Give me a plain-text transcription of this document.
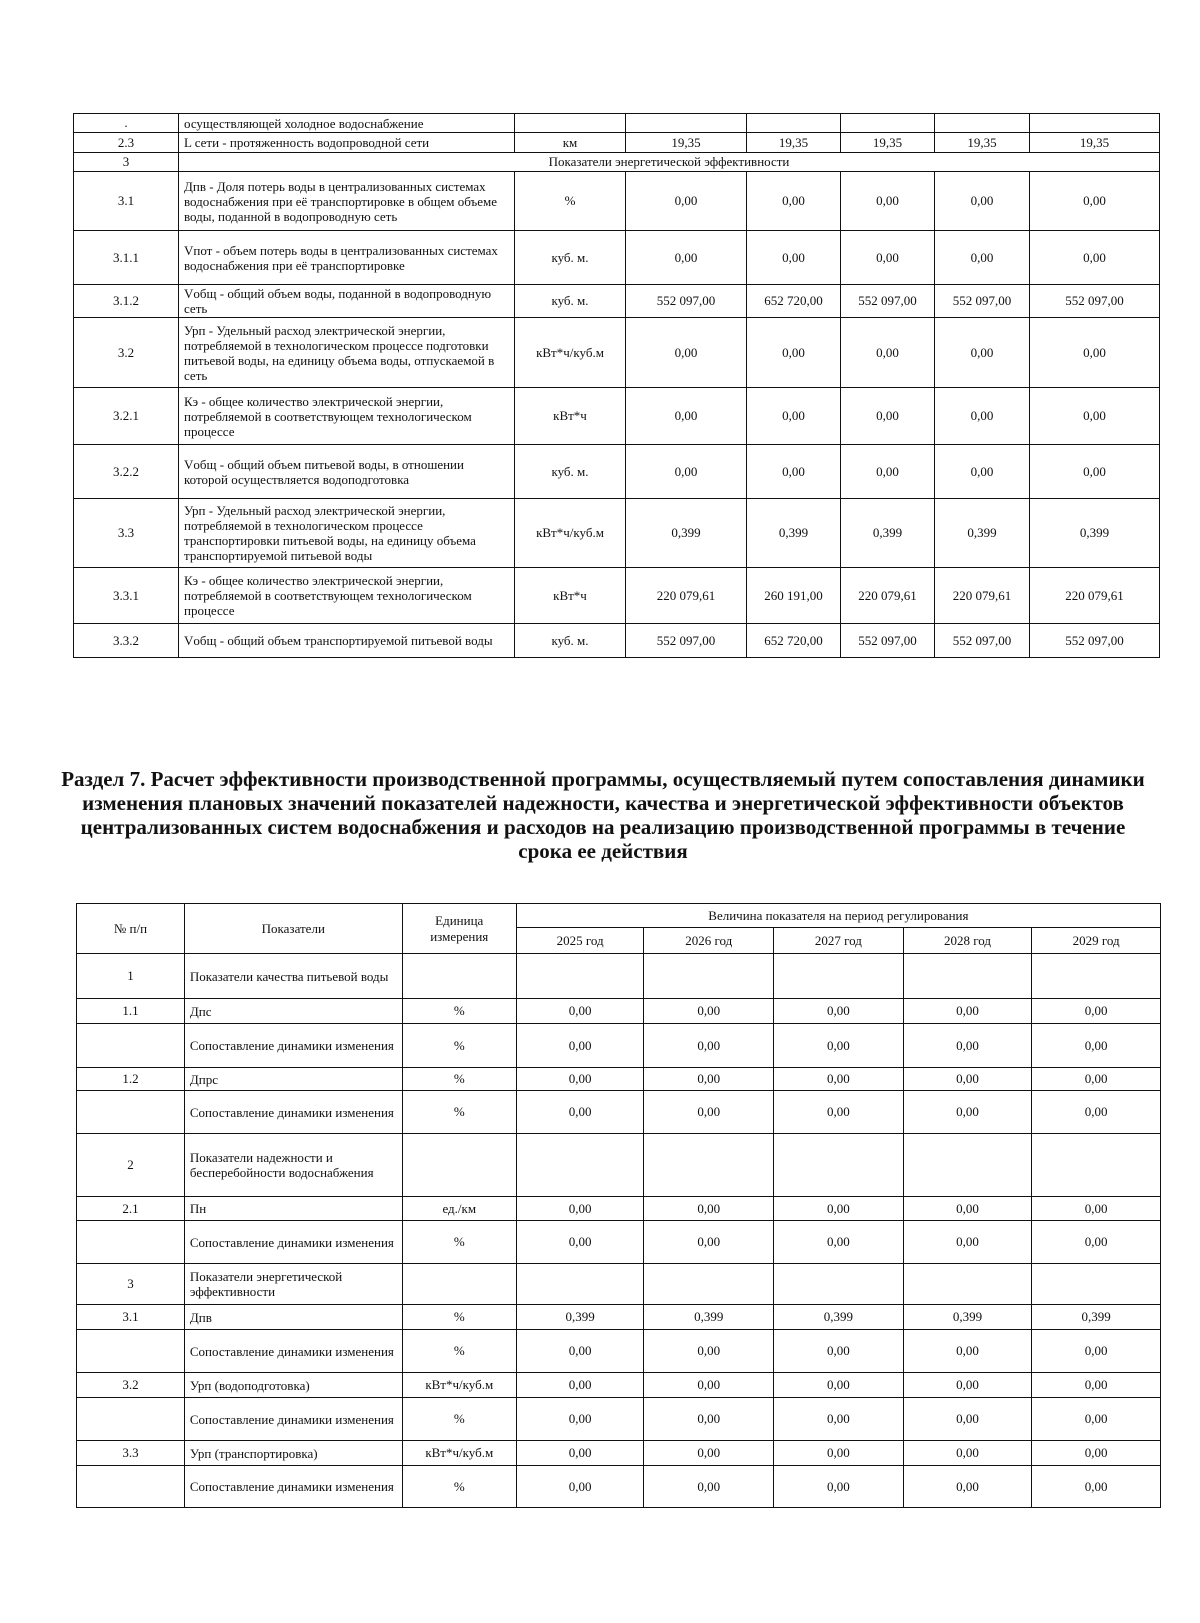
.	осуществляющей холодное водоснабжение						
2.3	L сети - протяженность водопроводной сети	км	19,35	19,35	19,35	19,35	19,35
3	Показатели энергетической эффективности						
3.1	Дпв - Доля потерь воды в централизованных системах водоснабжения при её транспортировке в общем объеме воды, поданной в водопроводную сеть	%	0,00	0,00	0,00	0,00	0,00
3.1.1	Vпот - объем потерь воды в централизованных системах водоснабжения при её транспортировке	куб. м.	0,00	0,00	0,00	0,00	0,00
3.1.2	Vобщ - общий объем воды, поданной в водопроводную сеть	куб. м.	552 097,00	652 720,00	552 097,00	552 097,00	552 097,00
3.2	Урп - Удельный расход электрической энергии, потребляемой в технологическом процессе подготовки питьевой воды, на единицу объема воды, отпускаемой в сеть	кВт*ч/куб.м	0,00	0,00	0,00	0,00	0,00
3.2.1	Кэ - общее количество электрической энергии, потребляемой в соответствующем технологическом процессе	кВт*ч	0,00	0,00	0,00	0,00	0,00
3.2.2	Vобщ - общий объем питьевой воды, в отношении которой осуществляется водоподготовка	куб. м.	0,00	0,00	0,00	0,00	0,00
3.3	Урп - Удельный расход электрической энергии, потребляемой в технологическом процессе транспортировки питьевой воды, на единицу объема транспортируемой питьевой воды	кВт*ч/куб.м	0,399	0,399	0,399	0,399	0,399
3.3.1	Кэ - общее количество электрической энергии, потребляемой в соответствующем технологическом процессе	кВт*ч	220 079,61	260 191,00	220 079,61	220 079,61	220 079,61
3.3.2	Vобщ - общий объем транспортируемой питьевой воды	куб. м.	552 097,00	652 720,00	552 097,00	552 097,00	552 097,00
Раздел 7. Расчет эффективности производственной программы, осуществляемый путем сопоставления динамики изменения плановых значений показателей надежности, качества и энергетической эффективности объектов централизованных систем водоснабжения и расходов на реализацию производственной программы в течение срока ее действия
№ п/п	Показатели	Единица измерения	Величина показателя на период регулирования				
			2025 год	2026 год	2027 год	2028 год	2029 год
1	Показатели качества питьевой воды						
1.1	Дпс	%	0,00	0,00	0,00	0,00	0,00
	Сопоставление динамики изменения	%	0,00	0,00	0,00	0,00	0,00
1.2	Дпрс	%	0,00	0,00	0,00	0,00	0,00
	Сопоставление динамики изменения	%	0,00	0,00	0,00	0,00	0,00
2	Показатели надежности и бесперебойности водоснабжения						
2.1	Пн	ед./км	0,00	0,00	0,00	0,00	0,00
	Сопоставление динамики изменения	%	0,00	0,00	0,00	0,00	0,00
3	Показатели энергетической эффективности						
3.1	Дпв	%	0,399	0,399	0,399	0,399	0,399
	Сопоставление динамики изменения	%	0,00	0,00	0,00	0,00	0,00
3.2	Урп (водоподготовка)	кВт*ч/куб.м	0,00	0,00	0,00	0,00	0,00
	Сопоставление динамики изменения	%	0,00	0,00	0,00	0,00	0,00
3.3	Урп (транспортировка)	кВт*ч/куб.м	0,00	0,00	0,00	0,00	0,00
	Сопоставление динамики изменения	%	0,00	0,00	0,00	0,00	0,00
